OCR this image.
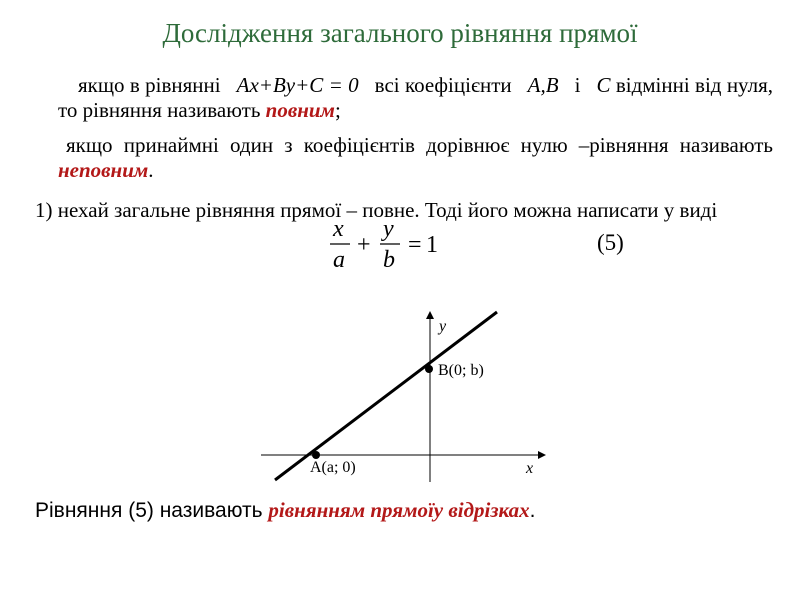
Дослідження загального рівняння прямої
якщо в рівнянні Ax+By+C = 0 всі коефіцієнти A,B і C відмінні від нуля, то рівняння називають повним;
якщо принаймні один з коефіцієнтів дорівнює нулю –рівняння називають неповним.
1) нехай загальне рівняння прямої – повне. Тоді його можна написати у виді
x
a
y
b
+ = 1	(5)
y
x
B(0; b)
A(a; 0)
Рівняння (5) називають рівнянням прямоїу відрізках.
